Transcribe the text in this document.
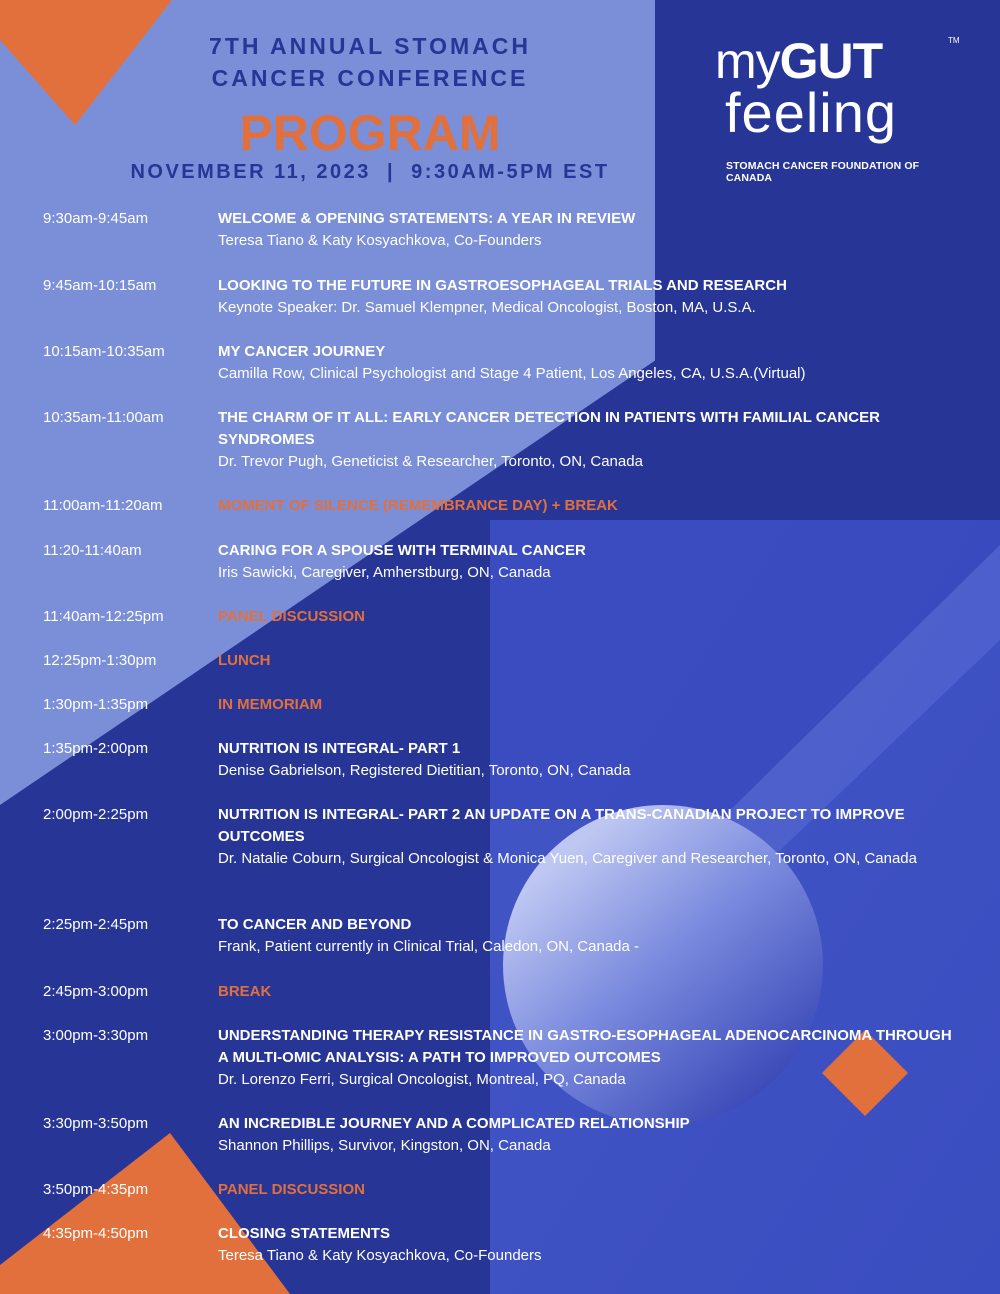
7TH ANNUAL STOMACH
CANCER CONFERENCE
PROGRAM
NOVEMBER 11, 2023  |  9:30AM-5PM EST
myGUT	TM
feeling
STOMACH CANCER FOUNDATION OF CANADA
9:30am-9:45am	WELCOME & OPENING STATEMENTS: A YEAR IN REVIEW
Teresa Tiano & Katy Kosyachkova, Co-Founders
9:45am-10:15am	LOOKING TO THE FUTURE IN GASTROESOPHAGEAL TRIALS AND RESEARCH
Keynote Speaker: Dr. Samuel Klempner, Medical Oncologist, Boston, MA, U.S.A.
10:15am-10:35am	MY CANCER JOURNEY
Camilla Row, Clinical Psychologist and Stage 4 Patient, Los Angeles, CA, U.S.A.(Virtual)
10:35am-11:00am	THE CHARM OF IT ALL: EARLY CANCER DETECTION IN PATIENTS WITH FAMILIAL CANCER SYNDROMES
Dr. Trevor Pugh, Geneticist & Researcher, Toronto, ON, Canada
11:00am-11:20am	MOMENT OF SILENCE (REMEMBRANCE DAY) + BREAK
11:20-11:40am	CARING FOR A SPOUSE WITH TERMINAL CANCER
Iris Sawicki, Caregiver, Amherstburg, ON, Canada
11:40am-12:25pm	PANEL DISCUSSION
12:25pm-1:30pm	LUNCH
1:30pm-1:35pm	IN MEMORIAM
1:35pm-2:00pm	NUTRITION IS INTEGRAL- PART 1
Denise Gabrielson, Registered Dietitian, Toronto, ON, Canada
2:00pm-2:25pm	NUTRITION IS INTEGRAL- PART 2 AN UPDATE ON A TRANS-CANADIAN PROJECT TO IMPROVE OUTCOMES
Dr. Natalie Coburn, Surgical Oncologist & Monica Yuen, Caregiver and Researcher, Toronto, ON, Canada
2:25pm-2:45pm	TO CANCER AND BEYOND
Frank, Patient currently in Clinical Trial, Caledon, ON, Canada -
2:45pm-3:00pm	BREAK
3:00pm-3:30pm	UNDERSTANDING THERAPY RESISTANCE IN GASTRO-ESOPHAGEAL ADENOCARCINOMA THROUGH A MULTI-OMIC ANALYSIS: A PATH TO IMPROVED OUTCOMES
Dr. Lorenzo Ferri, Surgical Oncologist, Montreal, PQ, Canada
3:30pm-3:50pm	AN INCREDIBLE JOURNEY AND A COMPLICATED RELATIONSHIP
Shannon Phillips, Survivor, Kingston, ON, Canada
3:50pm-4:35pm	PANEL DISCUSSION
4:35pm-4:50pm	CLOSING STATEMENTS
Teresa Tiano & Katy Kosyachkova, Co-Founders
